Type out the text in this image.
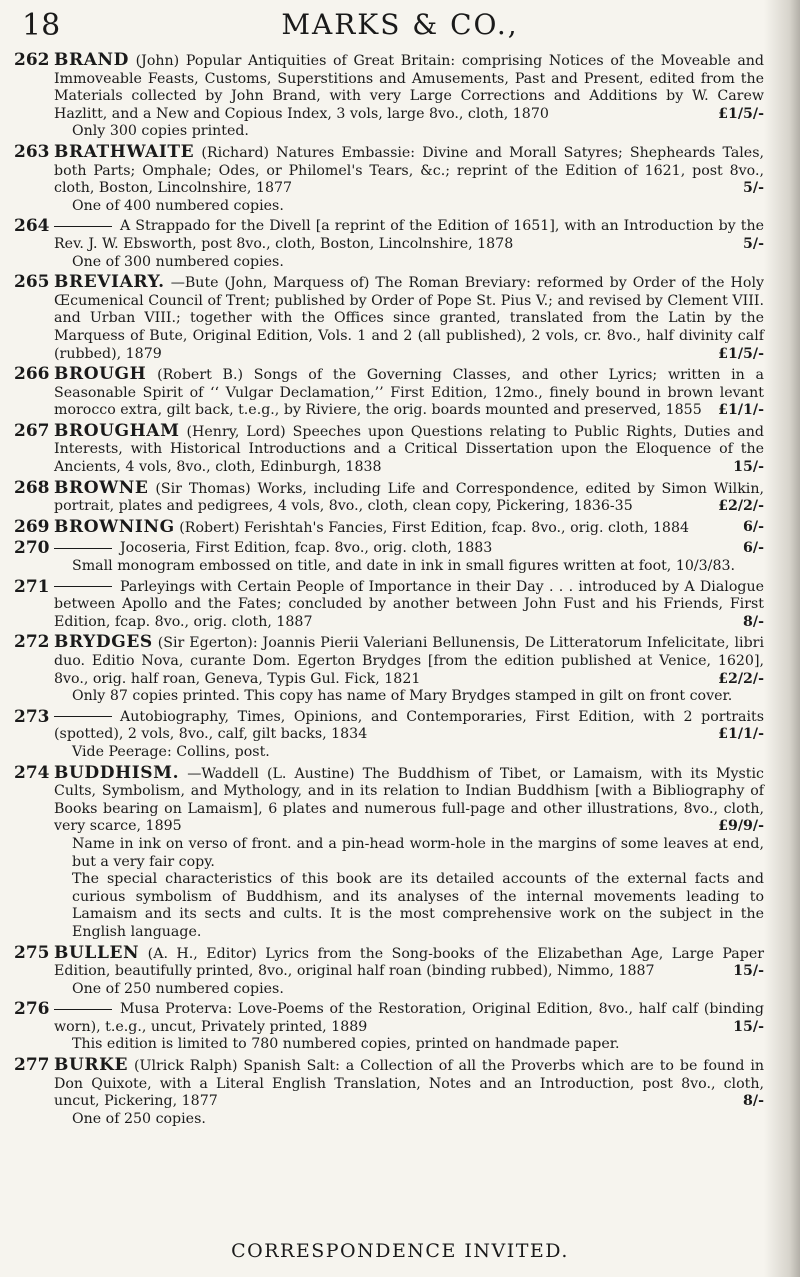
18	MARKS & CO.,
262 BRAND (John) Popular Antiquities of Great Britain: comprising Notices of the Moveable and Immoveable Feasts, Customs, Superstitions and Amusements, Past and Present, edited from the Materials collected by John Brand, with very Large Corrections and Additions by W. Carew Hazlitt, and a New and Copious Index, 3 vols, large 8vo., cloth, 1870	£1/5/-
Only 300 copies printed.
263 BRATHWAITE (Richard) Natures Embassie: Divine and Morall Satyres; Shepheards Tales, both Parts; Omphale; Odes, or Philomel's Tears, &c.; reprint of the Edition of 1621, post 8vo., cloth, Boston, Lincolnshire, 1877	5/-
One of 400 numbered copies.
264	A Strappado for the Divell [a reprint of the Edition of 1651], with an Introduction by the Rev. J. W. Ebsworth, post 8vo., cloth, Boston, Lincolnshire, 1878	5/-
One of 300 numbered copies.
265 BREVIARY. —Bute (John, Marquess of) The Roman Breviary: reformed by Order of the Holy Œcumenical Council of Trent; published by Order of Pope St. Pius V.; and revised by Clement VIII. and Urban VIII.; together with the Offices since granted, translated from the Latin by the Marquess of Bute, Original Edition, Vols. 1 and 2 (all published), 2 vols, cr. 8vo., half divinity calf (rubbed), 1879	£1/5/-
266 BROUGH (Robert B.) Songs of the Governing Classes, and other Lyrics; written in a Seasonable Spirit of ‘‘ Vulgar Declamation,’’ First Edition, 12mo., finely bound in brown levant morocco extra, gilt back, t.e.g., by Riviere, the orig. boards mounted and preserved, 1855 £1/1/-
267 BROUGHAM (Henry, Lord) Speeches upon Questions relating to Public Rights, Duties and Interests, with Historical Introductions and a Critical Dissertation upon the Eloquence of the Ancients, 4 vols, 8vo., cloth, Edinburgh, 1838	15/-
268 BROWNE (Sir Thomas) Works, including Life and Correspondence, edited by Simon Wilkin, portrait, plates and pedigrees, 4 vols, 8vo., cloth, clean copy, Pickering, 1836-35	£2/2/-
269 BROWNING (Robert) Ferishtah's Fancies, First Edition, fcap. 8vo., orig. cloth, 1884	6/-
270	Jocoseria, First Edition, fcap. 8vo., orig. cloth, 1883	6/-
Small monogram embossed on title, and date in ink in small figures written at foot, 10/3/83.
271	Parleyings with Certain People of Importance in their Day . . . introduced by A Dialogue between Apollo and the Fates; concluded by another between John Fust and his Friends, First Edition, fcap. 8vo., orig. cloth, 1887	8/-
272 BRYDGES (Sir Egerton): Joannis Pierii Valeriani Bellunensis, De Litteratorum Infelicitate, libri duo. Editio Nova, curante Dom. Egerton Brydges [from the edition published at Venice, 1620], 8vo., orig. half roan, Geneva, Typis Gul. Fick, 1821	£2/2/-
Only 87 copies printed. This copy has name of Mary Brydges stamped in gilt on front cover.
273	Autobiography, Times, Opinions, and Contemporaries, First Edition, with 2 portraits (spotted), 2 vols, 8vo., calf, gilt backs, 1834	£1/1/-
Vide Peerage: Collins, post.
274 BUDDHISM. —Waddell (L. Austine) The Buddhism of Tibet, or Lamaism, with its Mystic Cults, Symbolism, and Mythology, and in its relation to Indian Buddhism [with a Bibliography of Books bearing on Lamaism], 6 plates and numerous full-page and other illustrations, 8vo., cloth, very scarce, 1895	£9/9/-
Name in ink on verso of front. and a pin-head worm-hole in the margins of some leaves at end, but a very fair copy.
The special characteristics of this book are its detailed accounts of the external facts and curious symbolism of Buddhism, and its analyses of the internal movements leading to Lamaism and its sects and cults. It is the most comprehensive work on the subject in the English language.
275 BULLEN (A. H., Editor) Lyrics from the Song-books of the Elizabethan Age, Large Paper Edition, beautifully printed, 8vo., original half roan (binding rubbed), Nimmo, 1887	15/-
One of 250 numbered copies.
276	Musa Proterva: Love-Poems of the Restoration, Original Edition, 8vo., half calf (binding worn), t.e.g., uncut, Privately printed, 1889	15/-
This edition is limited to 780 numbered copies, printed on handmade paper.
277 BURKE (Ulrick Ralph) Spanish Salt: a Collection of all the Proverbs which are to be found in Don Quixote, with a Literal English Translation, Notes and an Introduction, post 8vo., cloth, uncut, Pickering, 1877	8/-
One of 250 copies.
CORRESPONDENCE INVITED.
